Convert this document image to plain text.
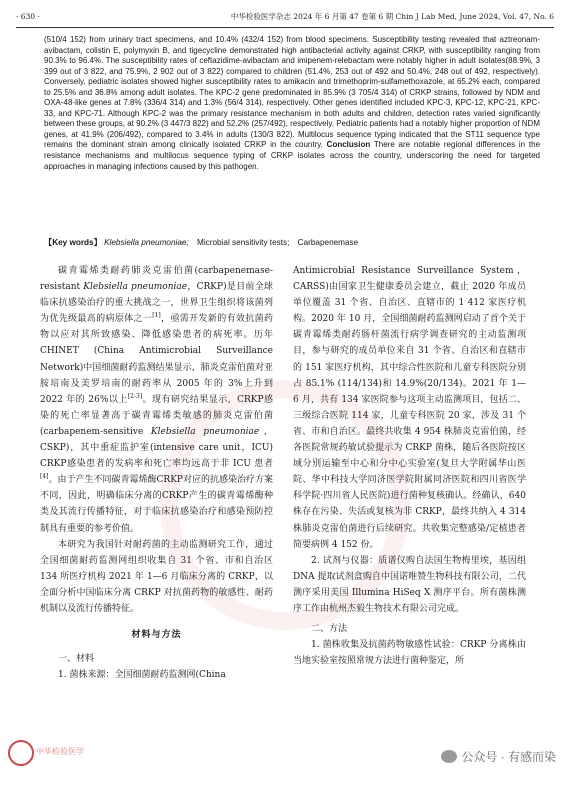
· 630 ·	中华检验医学杂志 2024 年 6 月第 47 卷第 6 期 Chin J Lab Med, June 2024, Vol. 47, No. 6

(510/4 152) from urinary tract specimens, and 10.4% (432/4 152) from blood specimens. Susceptibility testing revealed that aztreonam-avibactam, colistin E, polymyxin B, and tigecycline demonstrated high antibacterial activity against CRKP, with susceptibility ranging from 90.3% to 96.4%. The susceptibility rates of ceftazidime-avibactam and imipenem-relebactam were notably higher in adult isolates(88.9%, 3 399 out of 3 822, and 75.9%, 2 902 out of 3 822) compared to children (51.4%, 253 out of 492 and 50.4%, 248 out of 492, respectively). Conversely, pediatric isolates showed higher susceptibility rates to amikacin and trimethoprim-sulfamethoxazole, at 65.2% each, compared to 25.5% and 36.8% among adult isolates. The KPC-2 gene predominated in 85.9% (3 705/4 314) of CRKP strains, followed by NDM and OXA-48-like genes at 7.8% (336/4 314) and 1.3% (56/4 314), respectively. Other genes identified included KPC-3, KPC-12, KPC-21, KPC-33, and KPC-71. Although KPC-2 was the primary resistance mechanism in both adults and children, detection rates varied significantly between these groups, at 90.2% (3 447/3 822) and 52.2% (257/492), respectively. Pediatric patients had a notably higher proportion of NDM genes, at 41.9% (206/492), compared to 3.4% in adults (130/3 822). Multilocus sequence typing indicated that the ST11 sequence type remains the dominant strain among clinically isolated CRKP in the country. Conclusion There are notable regional differences in the resistance mechanisms and multilocus sequence typing of CRKP isolates across the country, underscoring the need for targeted approaches in managing infections caused by this pathogen.

【Key words】 Klebsiella pneumoniae; Microbial sensitivity tests; Carbapenemase

碳青霉烯类耐药肺炎克雷伯菌(carbapenemase-resistant Klebsiella pneumoniae，CRKP)是目前全球临床抗感染治疗的重大挑战之一，世界卫生组织将该菌列为优先级最高的病原体之一[1]，亟需开发新的有效抗菌药物以应对其所致感染、降低感染患者的病死率。历年 CHINET (China Antimicrobial Surveillance Network)中国细菌耐药监测结果显示，肺炎克雷伯菌对亚胺培南及美罗培南的耐药率从 2005 年的 3%上升到 2022 年的 26%以上[2-3]。现有研究结果显示，CRKP感染的死亡率显著高于碳青霉烯类敏感的肺炎克雷伯菌(carbapenem-sensitive Klebsiella pneumoniae，CSKP)，其中重症监护室(intensive care unit，ICU) CRKP感染患者的发病率和死亡率均远高于非 ICU 患者[4]。由于产生不同碳青霉烯酶CRKP对应的抗感染治疗方案不同，因此，明确临床分离的CRKP产生的碳青霉烯酶种类及其流行传播特征，对于临床抗感染治疗和感染预防控制具有重要的参考价值。

本研究为我国针对耐药菌的主动监测研究工作，通过全国细菌耐药监测网组织收集自 31 个省、市和自治区 134 所医疗机构 2021 年 1—6 月临床分离的 CRKP，以全面分析中国临床分离 CRKP 对抗菌药物的敏感性、耐药机制以及流行传播特征。

材料与方法

一、材料

1. 菌株来源：全国细菌耐药监测网(China

Antimicrobial Resistance Surveillance System，CARSS)由国家卫生健康委员会建立，截止 2020 年成员单位覆盖 31 个省、自治区、直辖市的 1 412 家医疗机构。2020 年 10 月，全国细菌耐药监测网启动了首个关于碳青霉烯类耐药肠杆菌流行病学调查研究的主动监测项目，参与研究的成员单位来自 31 个省、自治区和直辖市的 151 家医疗机构，其中综合性医院和儿童专科医院分别占 85.1% (114/134)和 14.9%(20/134)。2021 年 1—6 月，共有 134 家医院参与这项主动监测项目，包括二、三级综合医院 114 家，儿童专科医院 20 家，涉及 31 个省、市和自治区。最终共收集 4 954 株肺炎克雷伯菌，经各医院常规药敏试验提示为 CRKP 菌株，随后各医院按区域分别运输至中心和分中心实验室(复旦大学附属华山医院、华中科技大学同济医学院附属同济医院和四川省医学科学院·四川省人民医院)进行菌种复核确认。经确认，640 株存在污染、失活或复核为非 CRKP，最终共纳入 4 314 株肺炎克雷伯菌进行后续研究。共收集完整感染/定植患者简要病例 4 152 份。

2. 试剂与仪器：质谱仪购自法国生物梅里埃，基因组 DNA 提取试剂盒购自中国诺唯赞生物科技有限公司，二代测序采用美国 Illumina HiSeq X 测序平台。所有菌株测序工作由杭州杰毅生物技术有限公司完成。

二、方法

1. 菌株收集及抗菌药物敏感性试验：CRKP 分离株由当地实验室按照常规方法进行菌种鉴定，所

中华检验医学	公众号 · 有感而染
